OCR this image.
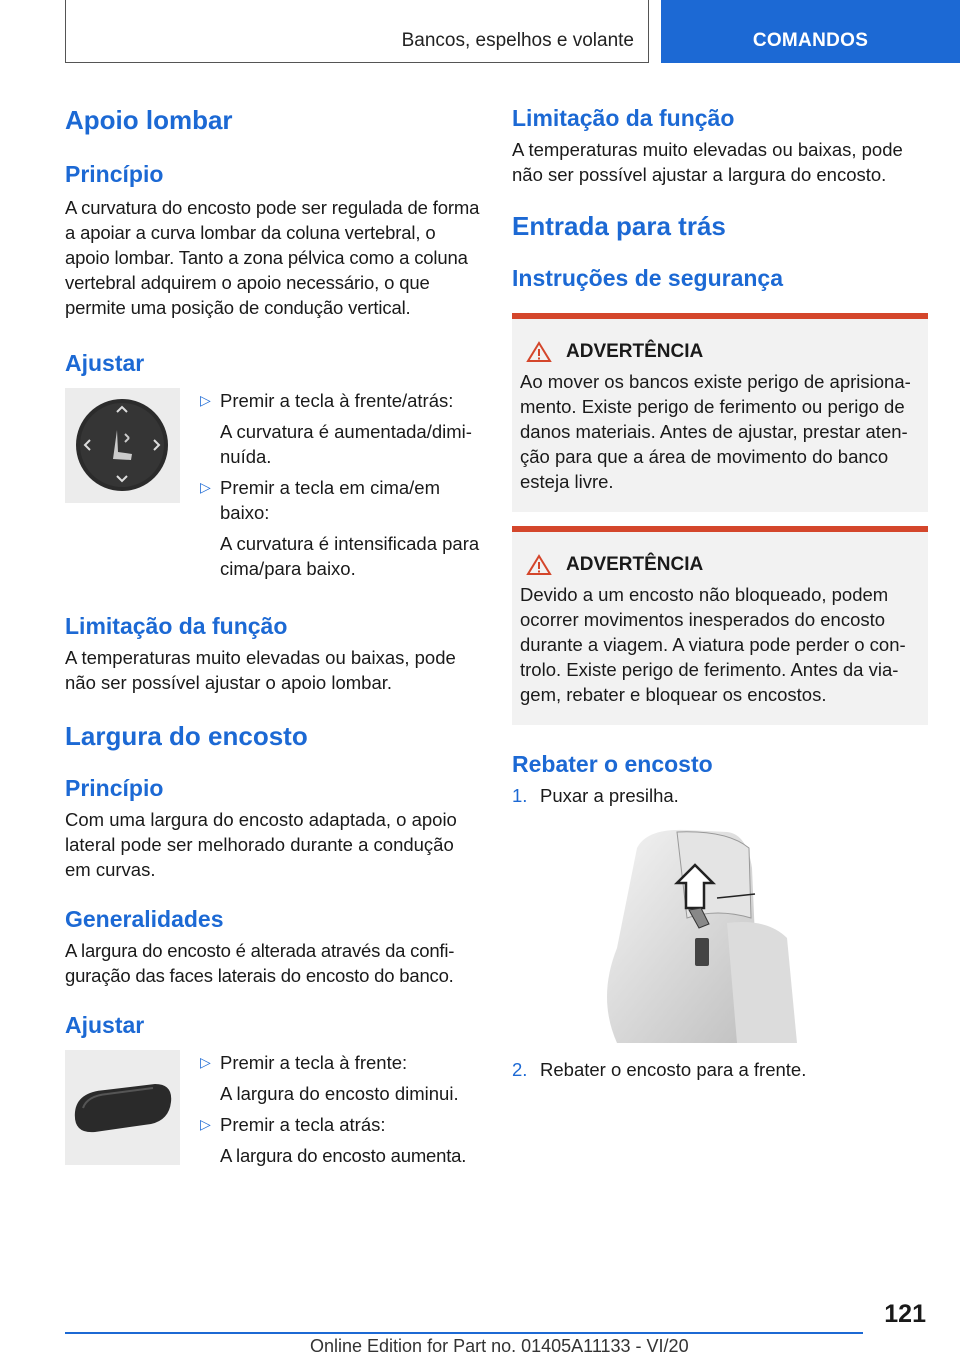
Bancos, espelhos e volante	COMANDOS
Apoio lombar
Princípio

A curvatura do encosto pode ser regulada de forma a apoiar a curva lombar da coluna vertebral, o apoio lombar. Tanto a zona pélvica como a coluna vertebral adquirem o apoio necessário, o que permite uma posição de condução vertical.

Ajustar
▷ Premir a tecla à frente/atrás:
A curvatura é aumentada/diminuída.
▷ Premir a tecla em cima/em baixo:
A curvatura é intensificada para cima/para baixo.
Limitação da função

A temperaturas muito elevadas ou baixas, pode não ser possível ajustar o apoio lombar.

Largura do encosto
Princípio

Com uma largura do encosto adaptada, o apoio lateral pode ser melhorado durante a condução em curvas.

Generalidades

A largura do encosto é alterada através da configuração das faces laterais do encosto do banco.

Ajustar
▷ Premir a tecla à frente:
A largura do encosto diminui.
▷ Premir a tecla atrás:
A largura do encosto aumenta.
Limitação da função

A temperaturas muito elevadas ou baixas, pode não ser possível ajustar a largura do encosto.

Entrada para trás
Instruções de segurança
ADVERTÊNCIA

Ao mover os bancos existe perigo de aprisionamento. Existe perigo de ferimento ou perigo de danos materiais. Antes de ajustar, prestar atenção para que a área de movimento do banco esteja livre.

ADVERTÊNCIA

Devido a um encosto não bloqueado, podem ocorrer movimentos inesperados do encosto durante a viagem. A viatura pode perder o controlo. Existe perigo de ferimento. Antes da viagem, rebater e bloquear os encostos.

Rebater o encosto
1. Puxar a presilha.
2. Rebater o encosto para a frente.
121
Online Edition for Part no. 01405A11133 - VI/20
